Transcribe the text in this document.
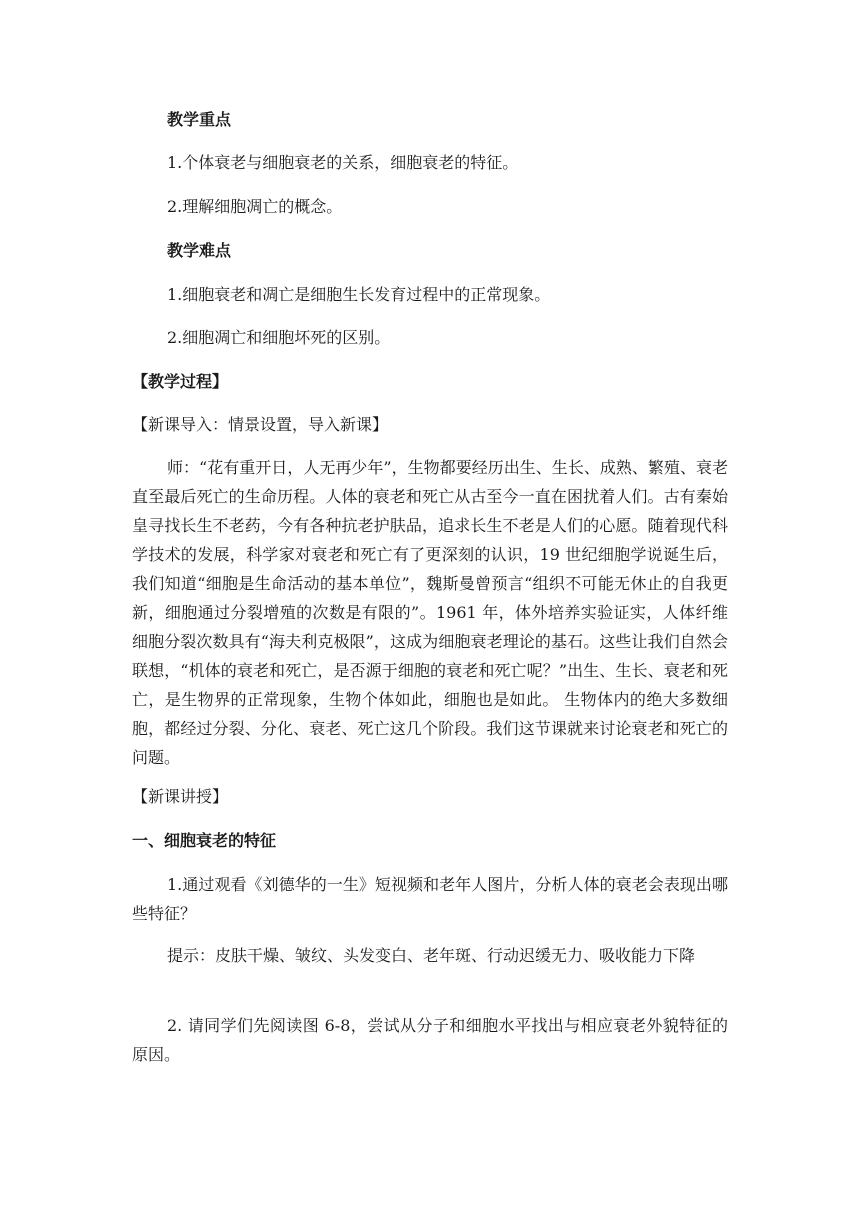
教学重点
1.个体衰老与细胞衰老的关系，细胞衰老的特征。
2.理解细胞凋亡的概念。
教学难点
1.细胞衰老和凋亡是细胞生长发育过程中的正常现象。
2.细胞凋亡和细胞坏死的区别。
【教学过程】
【新课导入：情景设置，导入新课】
师：“花有重开日，人无再少年”，生物都要经历出生、生长、成熟、繁殖、衰老直至最后死亡的生命历程。人体的衰老和死亡从古至今一直在困扰着人们。古有秦始皇寻找长生不老药，今有各种抗老护肤品，追求长生不老是人们的心愿。随着现代科学技术的发展，科学家对衰老和死亡有了更深刻的认识，19 世纪细胞学说诞生后，我们知道“细胞是生命活动的基本单位”，魏斯曼曾预言“组织不可能无休止的自我更新，细胞通过分裂增殖的次数是有限的”。1961 年，体外培养实验证实，人体纤维细胞分裂次数具有“海夫利克极限”，这成为细胞衰老理论的基石。这些让我们自然会联想，“机体的衰老和死亡，是否源于细胞的衰老和死亡呢？”出生、生长、衰老和死亡，是生物界的正常现象，生物个体如此，细胞也是如此。 生物体内的绝大多数细胞，都经过分裂、分化、衰老、死亡这几个阶段。我们这节课就来讨论衰老和死亡的问题。
【新课讲授】
一、细胞衰老的特征
1.通过观看《刘德华的一生》短视频和老年人图片，分析人体的衰老会表现出哪些特征？
提示：皮肤干燥、皱纹、头发变白、老年斑、行动迟缓无力、吸收能力下降
2. 请同学们先阅读图 6-8，尝试从分子和细胞水平找出与相应衰老外貌特征的原因。
